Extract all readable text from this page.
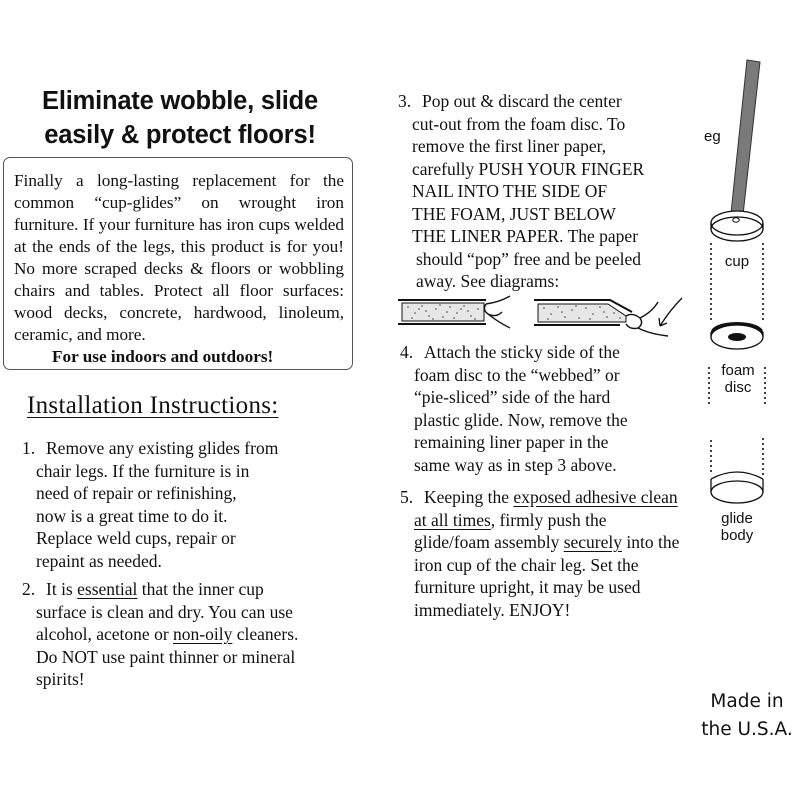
Eliminate wobble, slide
easily & protect floors!
Finally a long-lasting replacement for the common “cup-glides” on wrought iron furniture. If your furniture has iron cups welded at the ends of the legs, this product is for you! No more scraped decks & floors or wobbling chairs and tables. Protect all floor surfaces: wood decks, concrete, hardwood, linoleum, ceramic, and more.
For use indoors and outdoors!
Installation Instructions:
1. Remove any existing glides from
chair legs. If the furniture is in
need of repair or refinishing,
now is a great time to do it.
Replace weld cups, repair or
repaint as needed.
2. It is essential that the inner cup surface is clean and dry. You can use alcohol, acetone or non-oily cleaners. Do NOT use paint thinner or mineral spirits!
3. Pop out & discard the center
cut-out from the foam disc. To
remove the first liner paper,
carefully PUSH YOUR FINGER
NAIL INTO THE SIDE OF
THE FOAM, JUST BELOW
THE LINER PAPER. The paper
should “pop” free and be peeled
away. See diagrams:
4. Attach the sticky side of the
foam disc to the “webbed” or
“pie-sliced” side of the hard
plastic glide. Now, remove the
remaining liner paper in the
same way as in step 3 above.
5. Keeping the exposed adhesive clean at all times, firmly push the glide/foam assembly securely into the iron cup of the chair leg. Set the furniture upright, it may be used immediately. ENJOY!
eg
cup
foam
disc
glide
body
Made in
the U.S.A.
